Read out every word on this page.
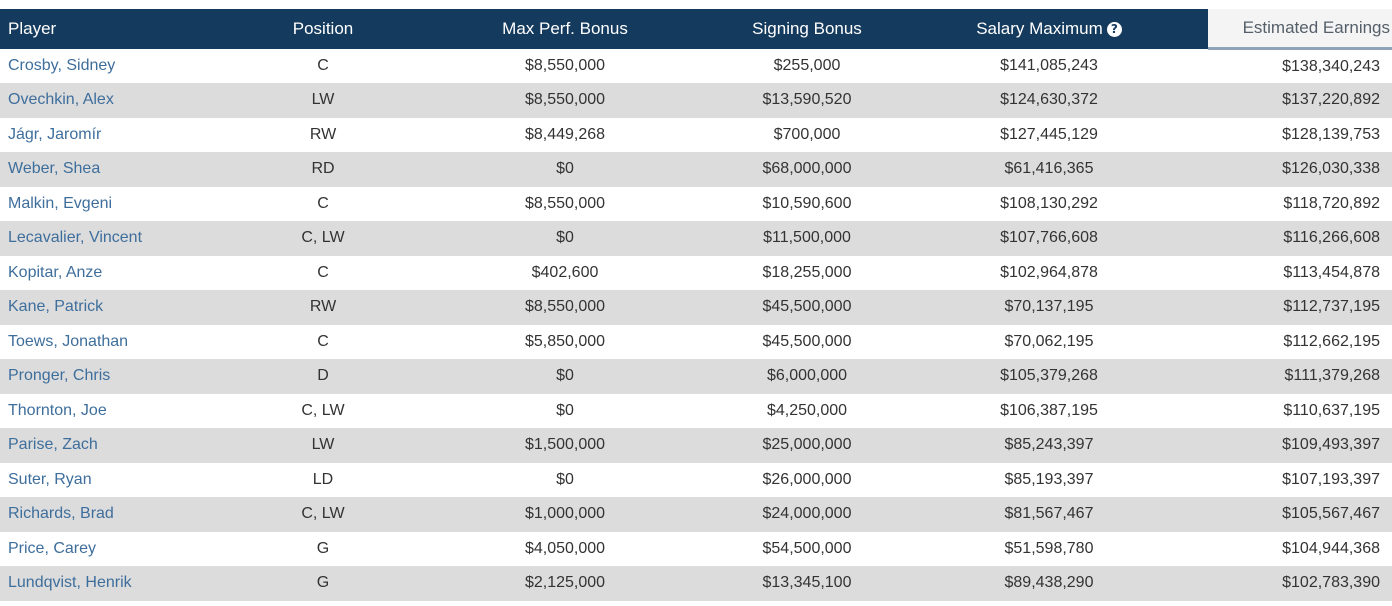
Player	Position	Max Perf. Bonus	Signing Bonus	Salary Maximum ?	Estimated Earnings
Crosby, Sidney	C	$8,550,000	$255,000	$141,085,243	$138,340,243
Ovechkin, Alex	LW	$8,550,000	$13,590,520	$124,630,372	$137,220,892
Jágr, Jaromír	RW	$8,449,268	$700,000	$127,445,129	$128,139,753
Weber, Shea	RD	$0	$68,000,000	$61,416,365	$126,030,338
Malkin, Evgeni	C	$8,550,000	$10,590,600	$108,130,292	$118,720,892
Lecavalier, Vincent	C, LW	$0	$11,500,000	$107,766,608	$116,266,608
Kopitar, Anze	C	$402,600	$18,255,000	$102,964,878	$113,454,878
Kane, Patrick	RW	$8,550,000	$45,500,000	$70,137,195	$112,737,195
Toews, Jonathan	C	$5,850,000	$45,500,000	$70,062,195	$112,662,195
Pronger, Chris	D	$0	$6,000,000	$105,379,268	$111,379,268
Thornton, Joe	C, LW	$0	$4,250,000	$106,387,195	$110,637,195
Parise, Zach	LW	$1,500,000	$25,000,000	$85,243,397	$109,493,397
Suter, Ryan	LD	$0	$26,000,000	$85,193,397	$107,193,397
Richards, Brad	C, LW	$1,000,000	$24,000,000	$81,567,467	$105,567,467
Price, Carey	G	$4,050,000	$54,500,000	$51,598,780	$104,944,368
Lundqvist, Henrik	G	$2,125,000	$13,345,100	$89,438,290	$102,783,390
